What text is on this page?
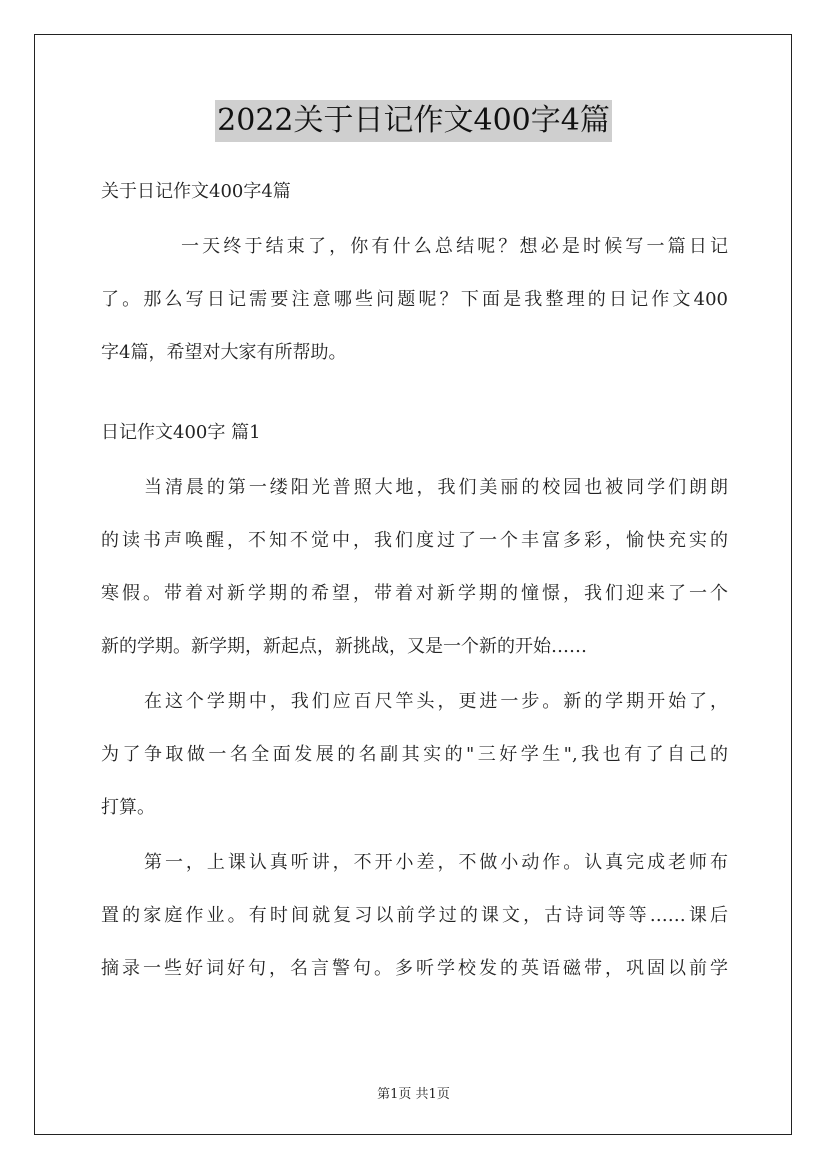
2022关于日记作文400字4篇
关于日记作文400字4篇
一天终于结束了，你有什么总结呢？想必是时候写一篇日记
了。那么写日记需要注意哪些问题呢？下面是我整理的日记作文400
字4篇，希望对大家有所帮助。
日记作文400字 篇1
当清晨的第一缕阳光普照大地，我们美丽的校园也被同学们朗朗
的读书声唤醒，不知不觉中，我们度过了一个丰富多彩，愉快充实的
寒假。带着对新学期的希望，带着对新学期的憧憬，我们迎来了一个
新的学期。新学期，新起点，新挑战，又是一个新的开始……
在这个学期中，我们应百尺竿头，更进一步。新的学期开始了，
为了争取做一名全面发展的名副其实的"三好学生",我也有了自己的
打算。
第一，上课认真听讲，不开小差，不做小动作。认真完成老师布
置的家庭作业。有时间就复习以前学过的课文，古诗词等等……课后
摘录一些好词好句，名言警句。多听学校发的英语磁带，巩固以前学
第1页 共1页
